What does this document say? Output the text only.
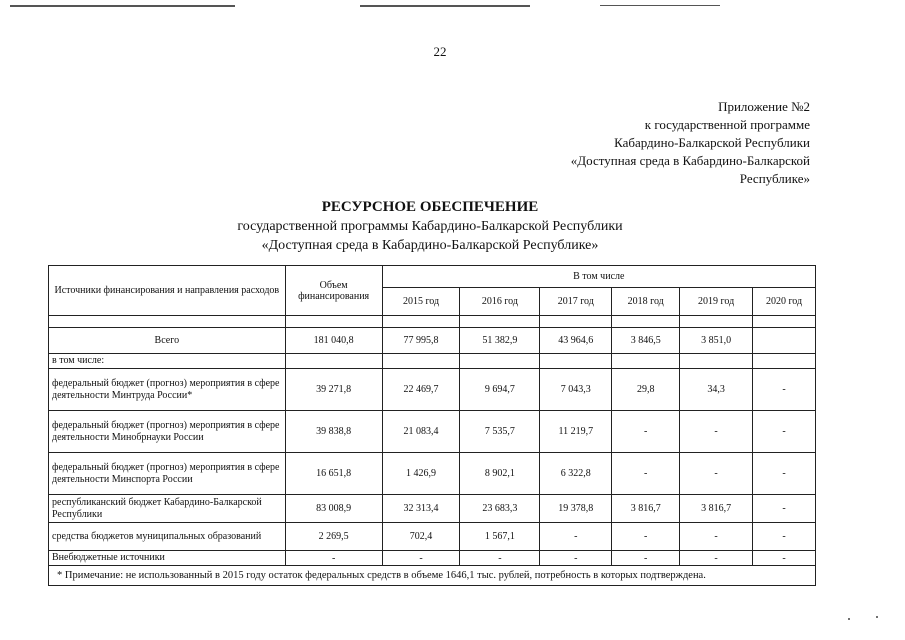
22
Приложение №2
к государственной программе
Кабардино-Балкарской Республики
«Доступная среда в Кабардино-Балкарской
Республике»
РЕСУРСНОЕ ОБЕСПЕЧЕНИЕ
государственной программы Кабардино-Балкарской Республики
«Доступная среда в Кабардино-Балкарской Республике»
Источники финансирования и направления расходов	Объем финансирования	В том числе					
		2015 год	2016 год	2017 год	2018 год	2019 год	2020 год

Всего	181 040,8	77 995,8	51 382,9	43 964,6	3 846,5	3 851,0	
в том числе:							
федеральный бюджет (прогноз) мероприятия в сфере деятельности Минтруда России*	39 271,8	22 469,7	9 694,7	7 043,3	29,8	34,3	-
федеральный бюджет (прогноз) мероприятия в сфере деятельности Минобрнауки России	39 838,8	21 083,4	7 535,7	11 219,7	-	-	-
федеральный бюджет (прогноз) мероприятия в сфере деятельности Минспорта России	16 651,8	1 426,9	8 902,1	6 322,8	-	-	-
республиканский бюджет Кабардино-Балкарской Республики	83 008,9	32 313,4	23 683,3	19 378,8	3 816,7	3 816,7	-
средства бюджетов муниципальных образований	2 269,5	702,4	1 567,1	-	-	-	-
Внебюджетные источники	-	-	-	-	-	-	-
* Примечание: не использованный в 2015 году остаток федеральных средств в объеме 1646,1 тыс. рублей, потребность в которых подтверждена.							
